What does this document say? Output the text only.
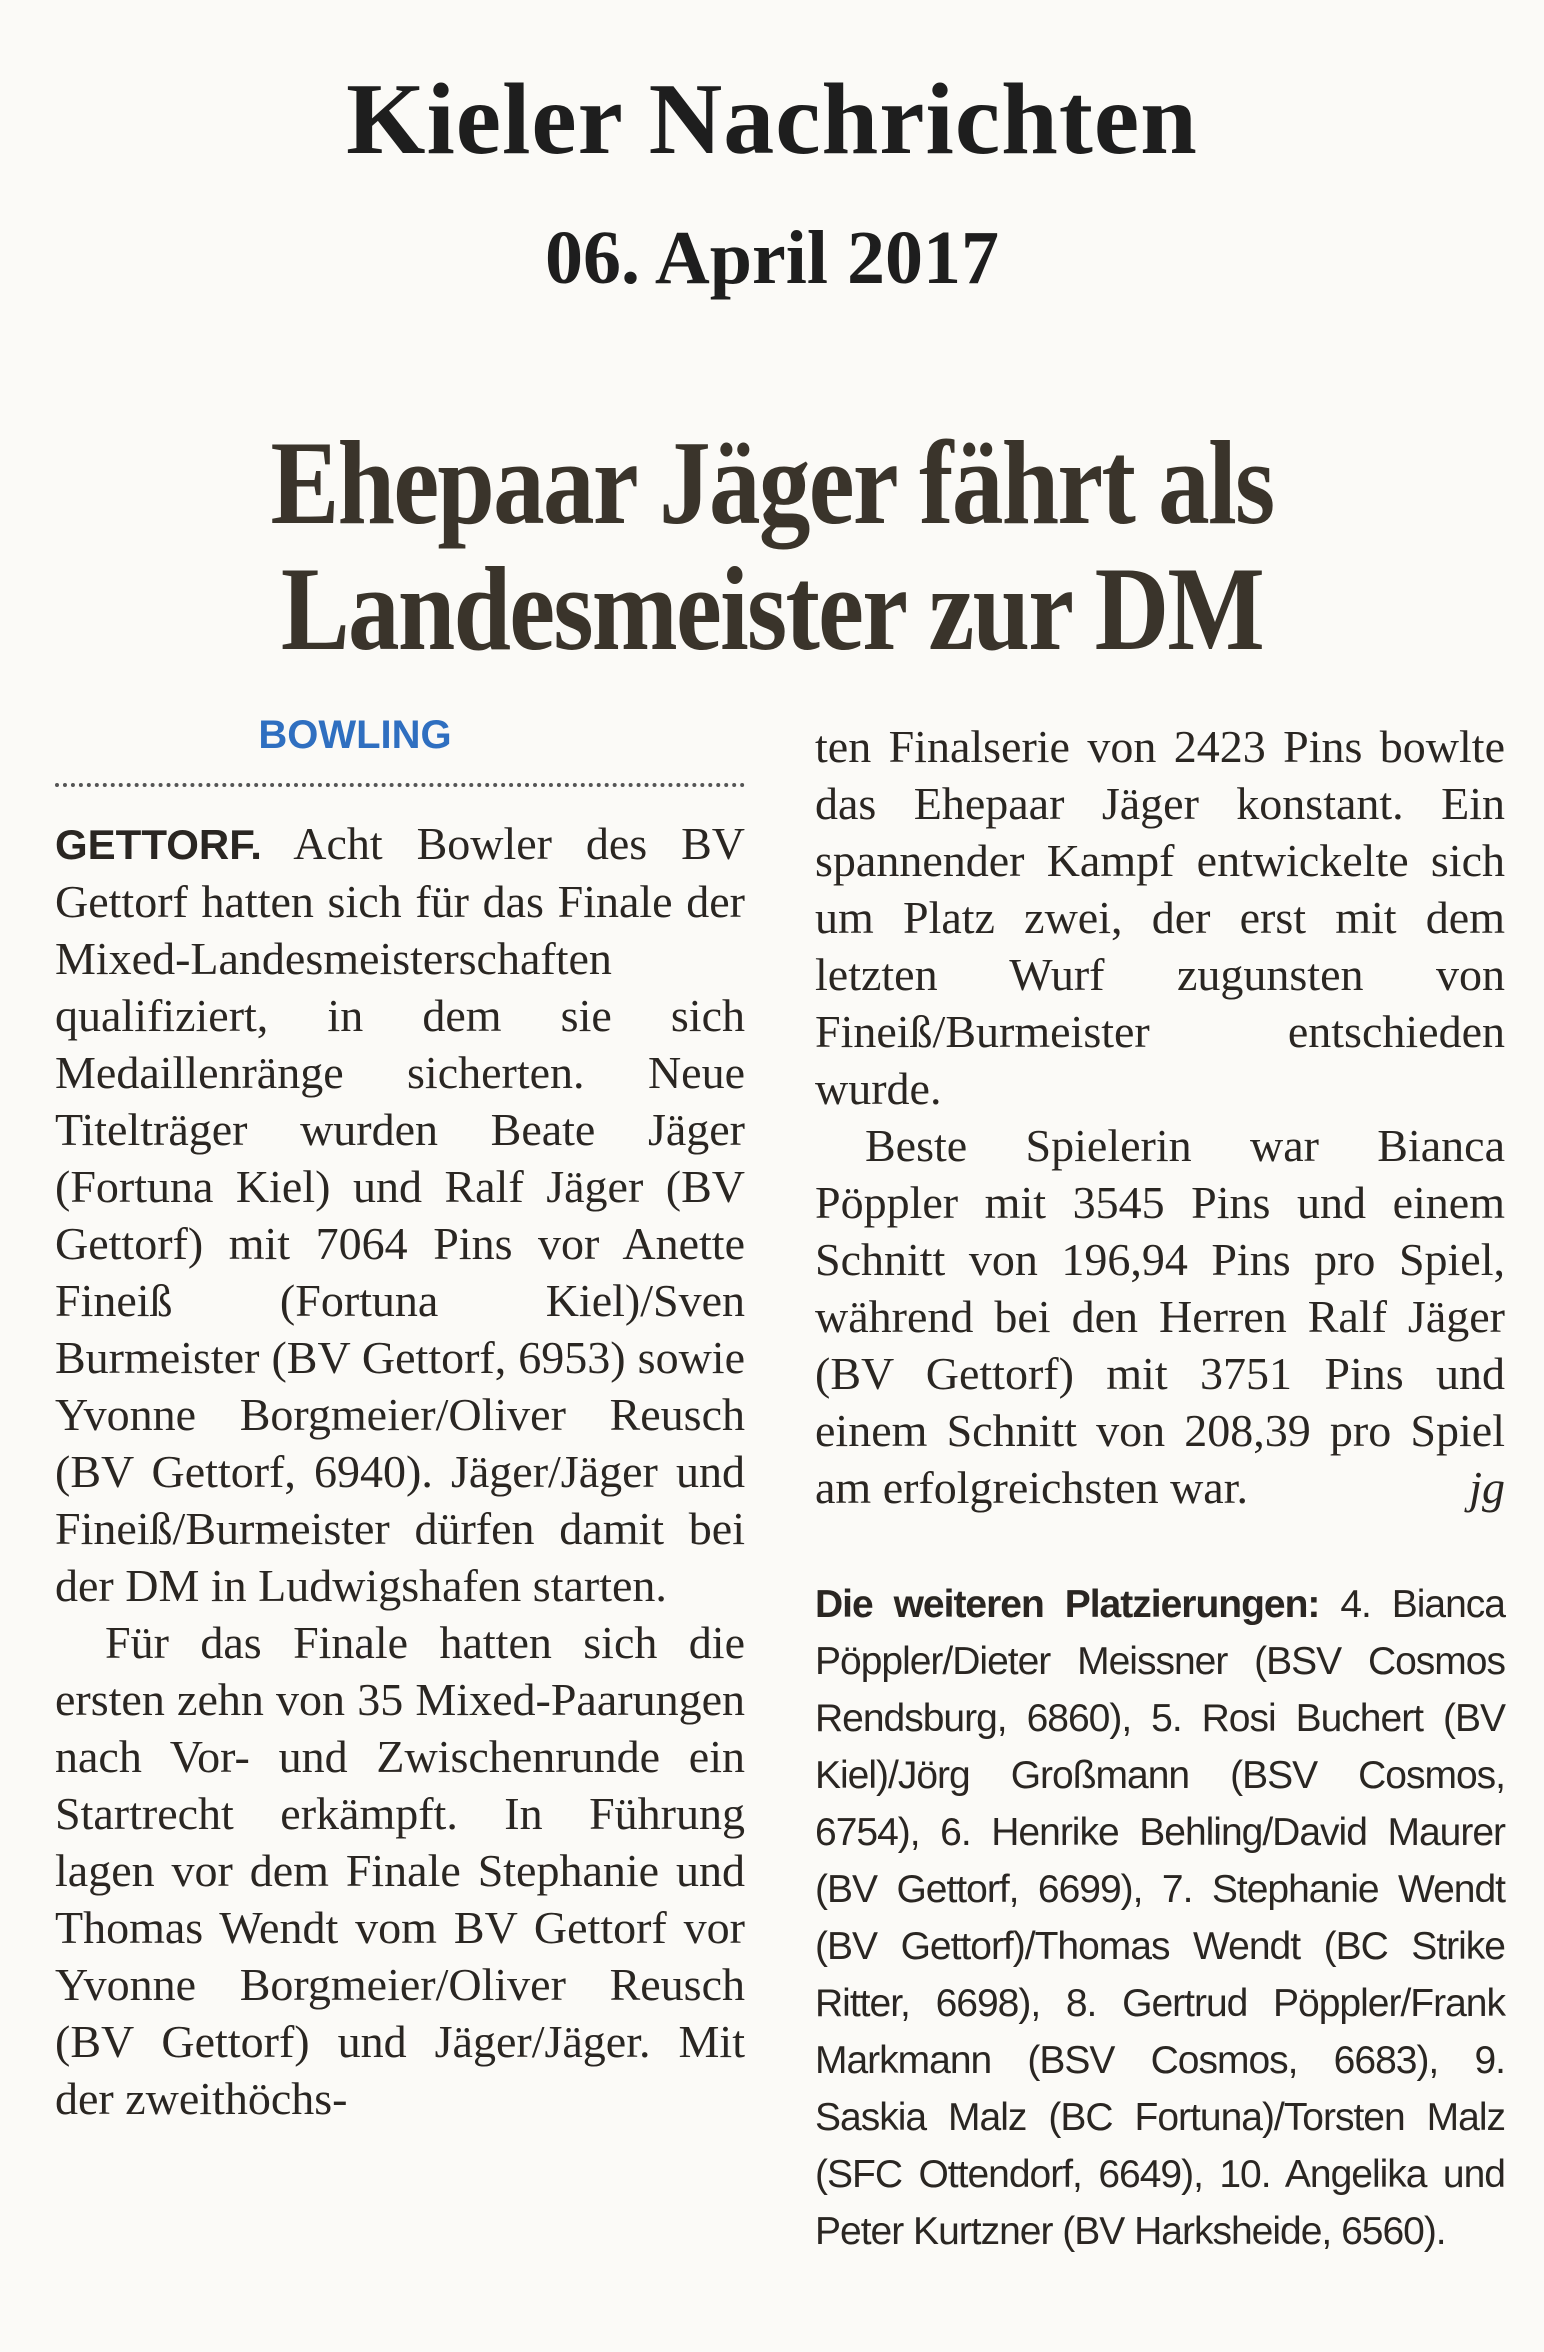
Kieler Nachrichten
06. April 2017
Ehepaar Jäger fährt als
Landesmeister zur DM
BOWLING

GETTORF. Acht Bowler des BV Gettorf hatten sich für das Finale der Mixed-Landesmeisterschaften qualifiziert, in dem sie sich Medaillenränge sicherten. Neue Titelträger wurden Beate Jäger (Fortuna Kiel) und Ralf Jäger (BV Gettorf) mit 7064 Pins vor Anette Fineiß (Fortuna Kiel)/Sven Burmeister (BV Gettorf, 6953) sowie Yvonne Borgmeier/Oliver Reusch (BV Gettorf, 6940). Jäger/Jäger und Fineiß/Burmeister dürfen damit bei der DM in Ludwigshafen starten.

Für das Finale hatten sich die ersten zehn von 35 Mixed-Paarungen nach Vor- und Zwischenrunde ein Startrecht erkämpft. In Führung lagen vor dem Finale Stephanie und Thomas Wendt vom BV Gettorf vor Yvonne Borgmeier/Oliver Reusch (BV Gettorf) und Jäger/Jäger. Mit der zweithöchs-

ten Finalserie von 2423 Pins bowlte das Ehepaar Jäger konstant. Ein spannender Kampf entwickelte sich um Platz zwei, der erst mit dem letzten Wurf zugunsten von Fineiß/Burmeister entschieden wurde.

Beste Spielerin war Bianca Pöppler mit 3545 Pins und einem Schnitt von 196,94 Pins pro Spiel, während bei den Herren Ralf Jäger (BV Gettorf) mit 3751 Pins und einem Schnitt von 208,39 pro Spiel am erfolgreichsten war.	jg

Die weiteren Platzierungen: 4. Bianca Pöppler/Dieter Meissner (BSV Cosmos Rendsburg, 6860), 5. Rosi Buchert (BV Kiel)/Jörg Großmann (BSV Cosmos, 6754), 6. Henrike Behling/David Maurer (BV Gettorf, 6699), 7. Stephanie Wendt (BV Gettorf)/Thomas Wendt (BC Strike Ritter, 6698), 8. Gertrud Pöppler/Frank Markmann (BSV Cosmos, 6683), 9. Saskia Malz (BC Fortuna)/Torsten Malz (SFC Ottendorf, 6649), 10. Angelika und Peter Kurtzner (BV Harksheide, 6560).
